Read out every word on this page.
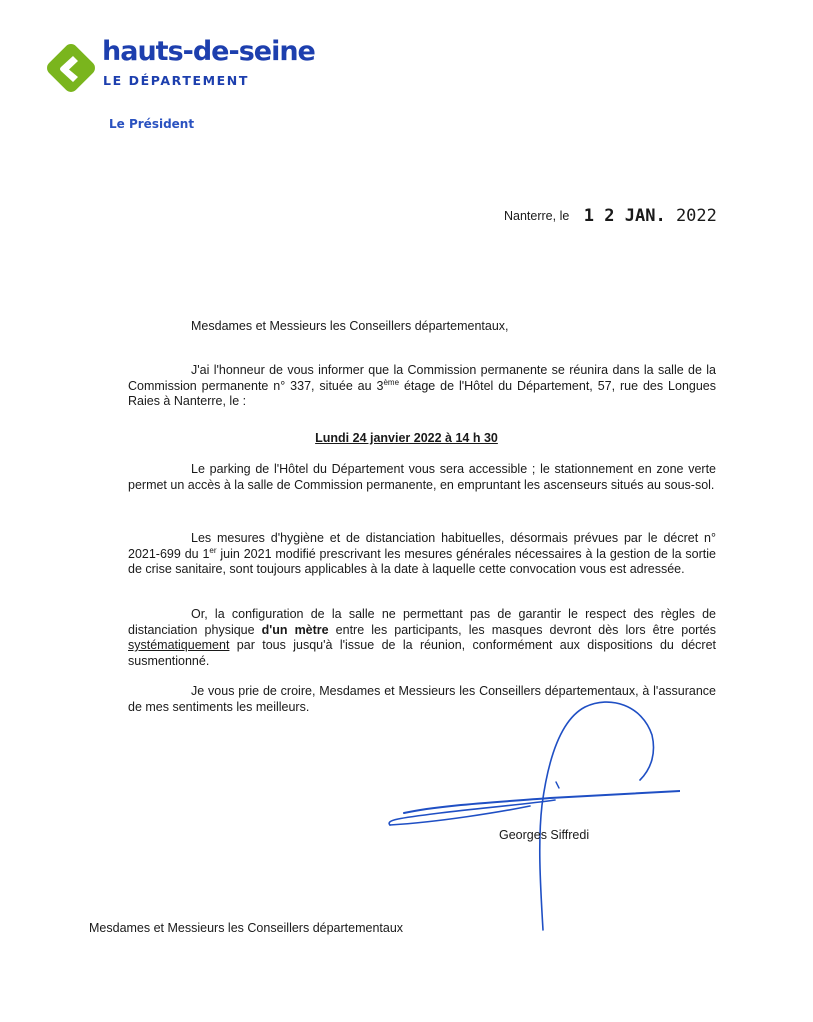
hauts-de-seine
LE DÉPARTEMENT
Le Président
Nanterre, le 1 2 JAN. 2022
Mesdames et Messieurs les Conseillers départementaux,
J'ai l'honneur de vous informer que la Commission permanente se réunira dans la salle de la Commission permanente n° 337, située au 3ème étage de l'Hôtel du Département, 57, rue des Longues Raies à Nanterre, le :
Lundi 24 janvier 2022 à 14 h 30
Le parking de l'Hôtel du Département vous sera accessible ; le stationnement en zone verte permet un accès à la salle de Commission permanente, en empruntant les ascenseurs situés au sous-sol.
Les mesures d'hygiène et de distanciation habituelles, désormais prévues par le décret n° 2021-699 du 1er juin 2021 modifié prescrivant les mesures générales nécessaires à la gestion de la sortie de crise sanitaire, sont toujours applicables à la date à laquelle cette convocation vous est adressée.
Or, la configuration de la salle ne permettant pas de garantir le respect des règles de distanciation physique d'un mètre entre les participants, les masques devront dès lors être portés systématiquement par tous jusqu'à l'issue de la réunion, conformément aux dispositions du décret susmentionné.
Je vous prie de croire, Mesdames et Messieurs les Conseillers départementaux, à l'assurance de mes sentiments les meilleurs.
Georges Siffredi
Mesdames et Messieurs les Conseillers départementaux
